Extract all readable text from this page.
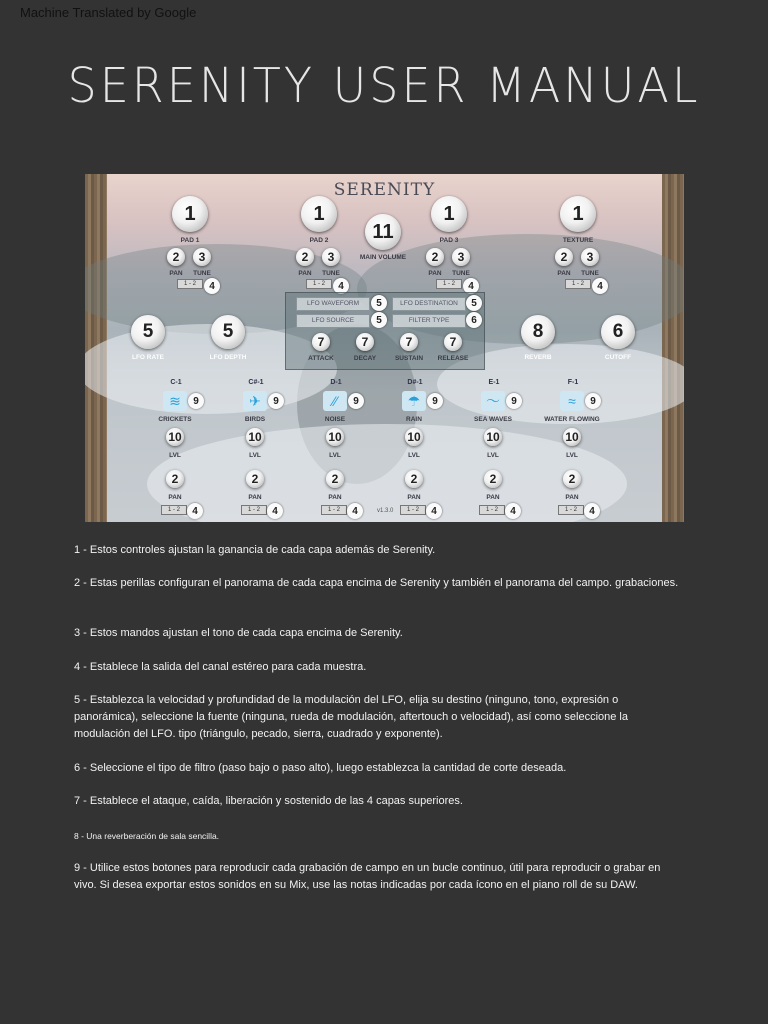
Machine Translated by Google
SERENITY USER MANUAL
SERENITY
1
PAD 1
2	3
PAN	TUNE
1 - 2	4
1
PAD 2
2	3
PAN	TUNE
1 - 2	4
11
MAIN VOLUME
1
PAD 3
2	3
PAN	TUNE
1 - 2	4
1
TEXTURE
2	3
PAN	TUNE
1 - 2	4
5
LFO RATE
5
LFO DEPTH
LFO WAVEFORM	5	LFO DESTINATION	5
LFO SOURCE	5	FILTER TYPE	6
7
ATTACK
7
DECAY
7
SUSTAIN
7
RELEASE
8
REVERB
6
CUTOFF
C-1
≋	9
CRICKETS
10
LVL
2
PAN
1 - 2	4
C#-1
✈	9
BIRDS
10
LVL
2
PAN
1 - 2	4
D-1
⁄⁄	9
NOISE
10
LVL
2
PAN
1 - 2	4
D#-1
☂	9
RAIN
10
LVL
2
PAN
1 - 2	4
E-1
〜	9
SEA WAVES
10
LVL
2
PAN
1 - 2	4
F-1
≈	9
WATER FLOWING
10
LVL
2
PAN
1 - 2	4
v1.3.0
1 - Estos controles ajustan la ganancia de cada capa además de Serenity.
2 - Estas perillas configuran el panorama de cada capa encima de Serenity y también el panorama del campo. grabaciones.
3 - Estos mandos ajustan el tono de cada capa encima de Serenity.
4 - Establece la salida del canal estéreo para cada muestra.
5 - Establezca la velocidad y profundidad de la modulación del LFO, elija su destino (ninguno, tono, expresión o panorámica), seleccione la fuente (ninguna, rueda de modulación, aftertouch o velocidad), así como seleccione la modulación del LFO. tipo (triángulo, pecado, sierra, cuadrado y exponente).
6 - Seleccione el tipo de filtro (paso bajo o paso alto), luego establezca la cantidad de corte deseada.
7 - Establece el ataque, caída, liberación y sostenido de las 4 capas superiores.
8 - Una reverberación de sala sencilla.
9 - Utilice estos botones para reproducir cada grabación de campo en un bucle continuo, útil para reproducir o grabar en vivo. Si desea exportar estos sonidos en su Mix, use las notas indicadas por cada ícono en el piano roll de su DAW.
